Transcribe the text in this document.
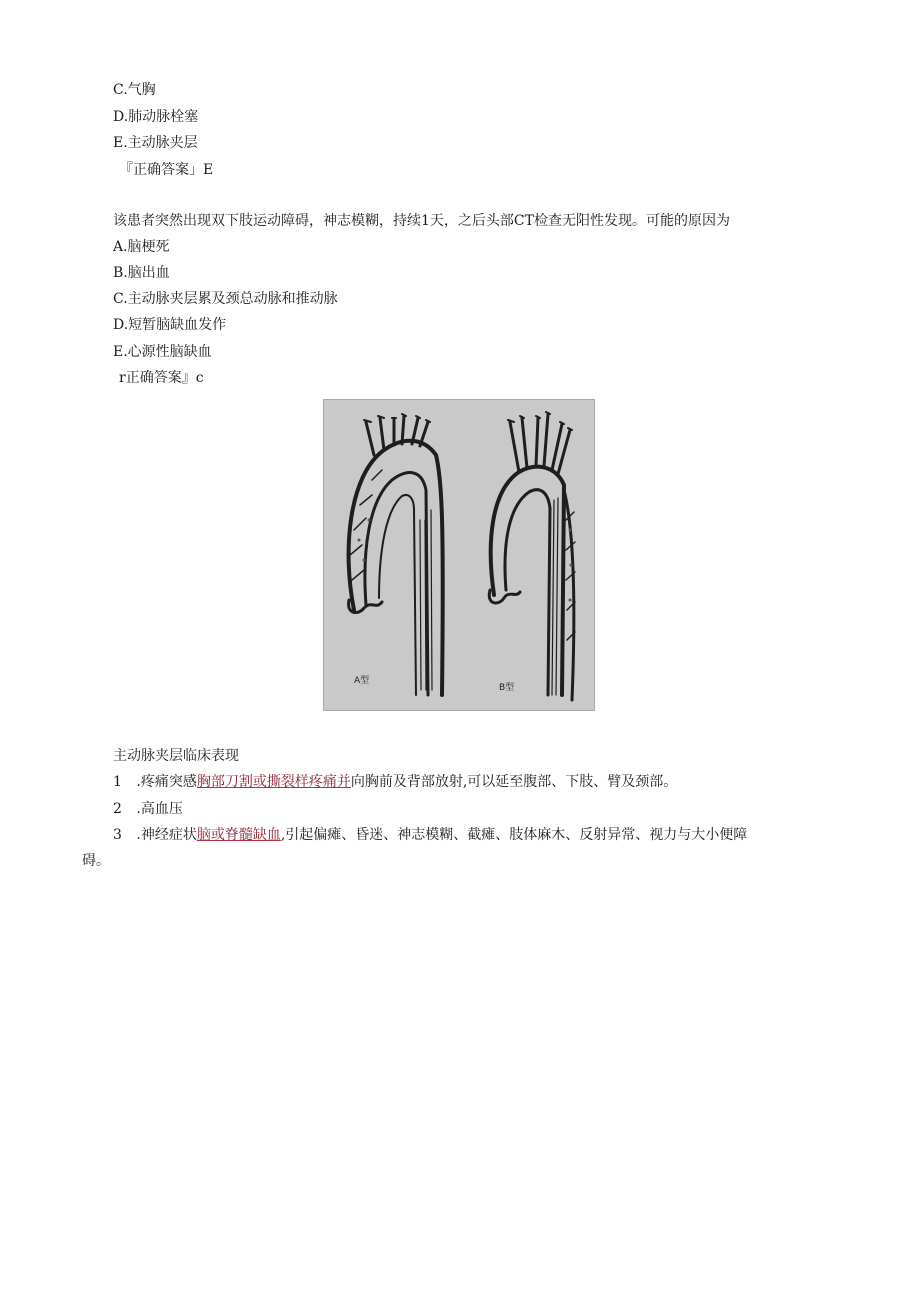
C.气胸
D.肺动脉栓塞
E.主动脉夹层
『正确答案」E
该患者突然出现双下肢运动障碍，神志模糊，持续1天，之后头部CT检查无阳性发现。可能的原因为
A.脑梗死
B.脑出血
C.主动脉夹层累及颈总动脉和推动脉
D.短暂脑缺血发作
E.心源性脑缺血
r正确答案』c
A型
B型
主动脉夹层临床表现
1 .疼痛突感胸部刀割或撕裂样疼痛并向胸前及背部放射,可以延至腹部、下肢、臂及颈部。
2 .高血压
3 .神经症状脑或脊髓缺血,引起偏瘫、昏迷、神志模糊、截瘫、肢体麻木、反射异常、视力与大小便障
碍。
